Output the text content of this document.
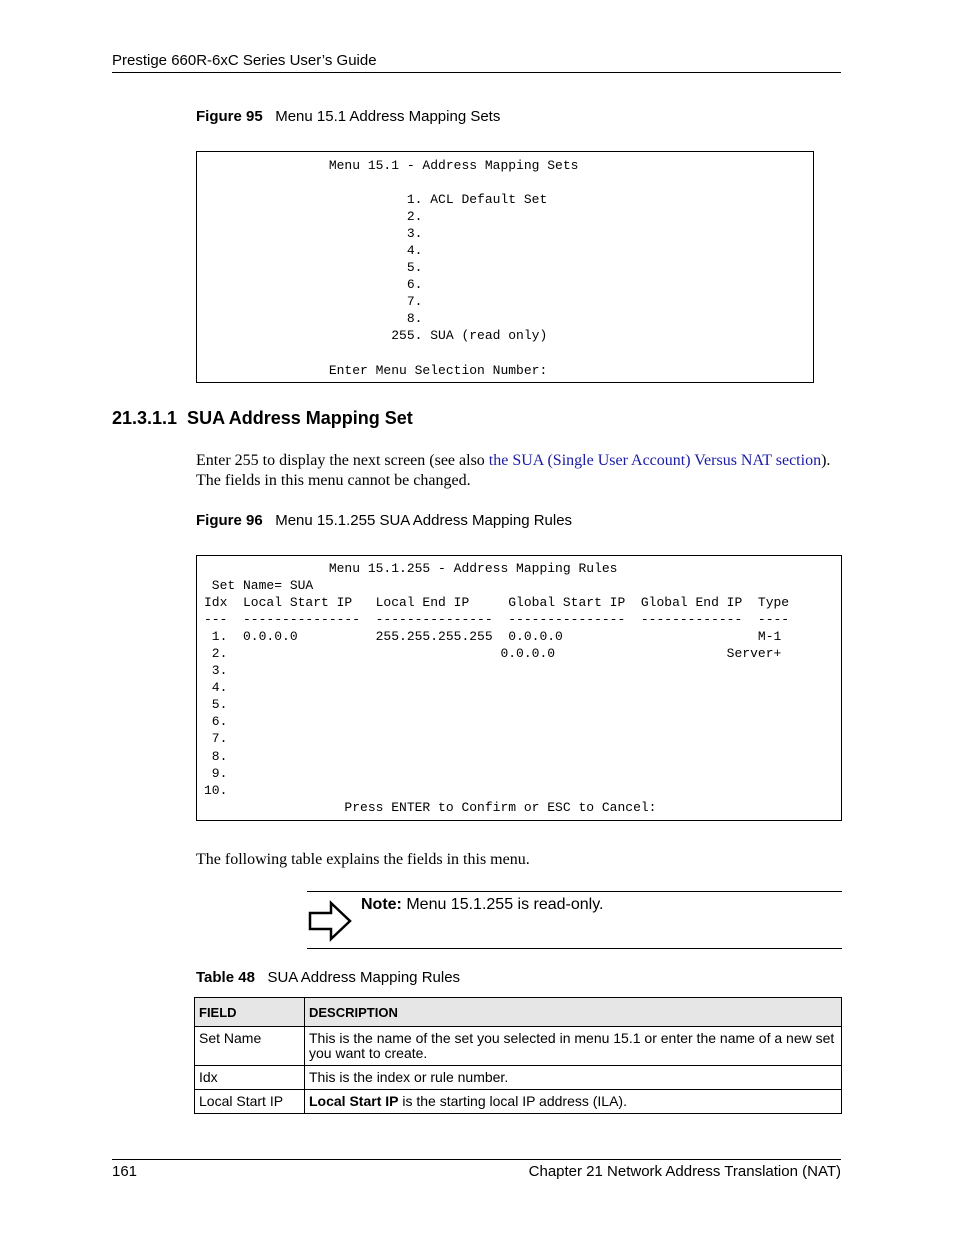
Prestige 660R-6xC Series User’s Guide
Figure 95 Menu 15.1 Address Mapping Sets
Menu 15.1 - Address Mapping Sets
1. ACL Default Set
2.
3.
4.
5.
6.
7.
8.
255. SUA (read only)
Enter Menu Selection Number:
21.3.1.1  SUA Address Mapping Set
Enter 255 to display the next screen (see also the SUA (Single User Account) Versus NAT section). The fields in this menu cannot be changed.
Figure 96 Menu 15.1.255 SUA Address Mapping Rules
Menu 15.1.255 - Address Mapping Rules
Set Name= SUA
Idx  Local Start IP   Local End IP     Global Start IP  Global End IP  Type
---  ---------------  ---------------  ---------------  -------------  ----
1.  0.0.0.0          255.255.255.255  0.0.0.0                         M-1
2.                                   0.0.0.0                      Server+
3.
4.
5.
6.
7.
8.
9.
10.
Press ENTER to Confirm or ESC to Cancel:
The following table explains the fields in this menu.
Note: Menu 15.1.255 is read-only.
Table 48 SUA Address Mapping Rules
FIELD	DESCRIPTION
Set Name	This is the name of the set you selected in menu 15.1 or enter the name of a new set you want to create.
Idx	This is the index or rule number.
Local Start IP	Local Start IP is the starting local IP address (ILA).
161	Chapter 21 Network Address Translation (NAT)
